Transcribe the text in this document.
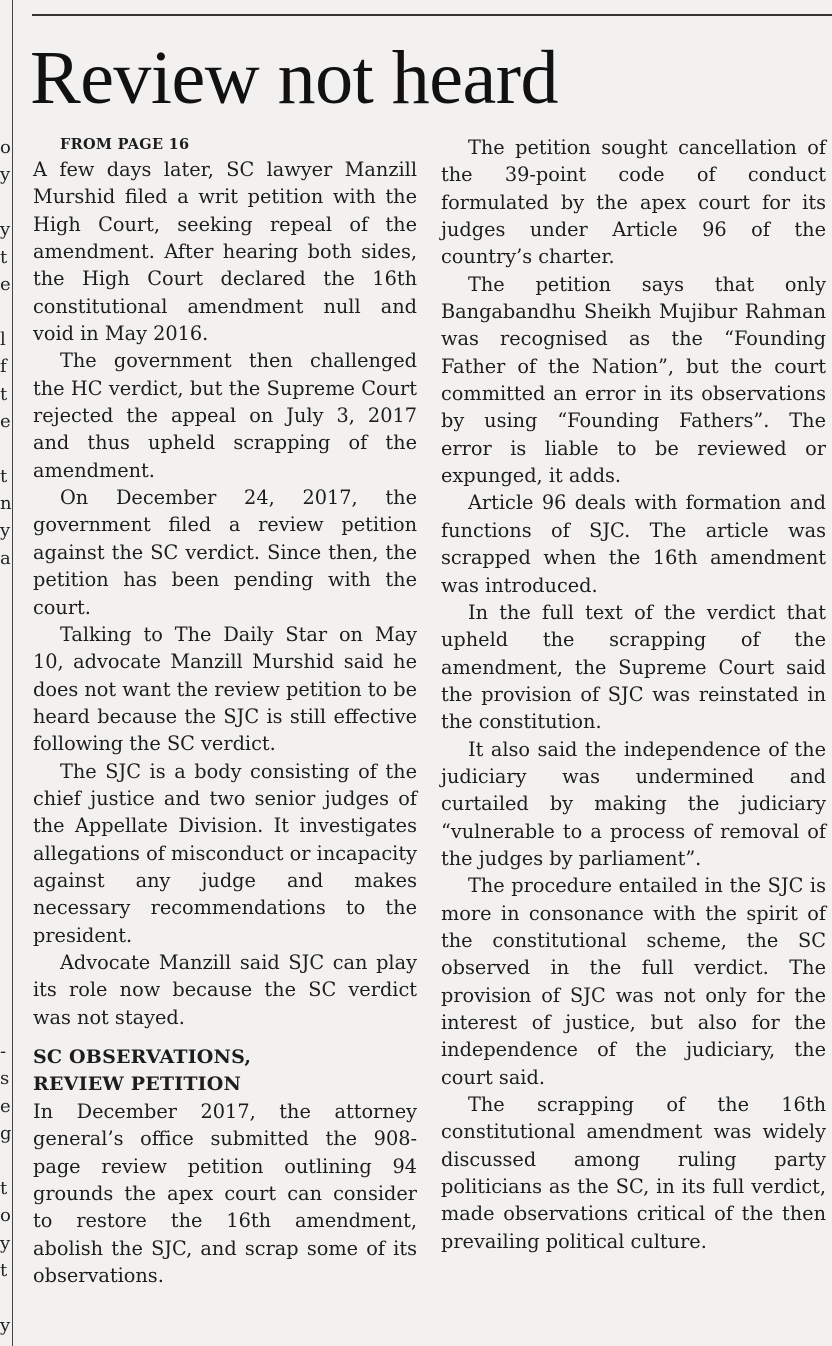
o
y
y
t
e
l
f
t
e
t
n
y
a
-
s
e
g
t
o
y
t
y
Review not heard

FROM PAGE 16

A few days later, SC lawyer Manzill Murshid filed a writ petition with the High Court, seeking repeal of the amendment. After hearing both sides, the High Court declared the 16th constitutional amendment null and void in May 2016.

The government then challenged the HC verdict, but the Supreme Court rejected the appeal on July 3, 2017 and thus upheld scrapping of the amendment.

On December 24, 2017, the government filed a review petition against the SC verdict. Since then, the petition has been pending with the court.

Talking to The Daily Star on May 10, advocate Manzill Murshid said he does not want the review petition to be heard because the SJC is still effective following the SC verdict.

The SJC is a body consisting of the chief justice and two senior judges of the Appellate Division. It investigates allegations of misconduct or incapacity against any judge and makes necessary recommendations to the president.

Advocate Manzill said SJC can play its role now because the SC verdict was not stayed.

SC OBSERVATIONS,
REVIEW PETITION

In December 2017, the attorney general’s office submitted the 908-page review petition outlining 94 grounds the apex court can consider to restore the 16th amendment, abolish the SJC, and scrap some of its observations.

The petition sought cancellation of the 39-point code of conduct formulated by the apex court for its judges under Article 96 of the country’s charter.

The petition says that only Bangabandhu Sheikh Mujibur Rahman was recognised as the “Founding Father of the Nation”, but the court committed an error in its observations by using “Founding Fathers”. The error is liable to be reviewed or expunged, it adds.

Article 96 deals with formation and functions of SJC. The article was scrapped when the 16th amendment was introduced.

In the full text of the verdict that upheld the scrapping of the amendment, the Supreme Court said the provision of SJC was reinstated in the constitution.

It also said the independence of the judiciary was undermined and curtailed by making the judiciary “vulnerable to a process of removal of the judges by parliament”.

The procedure entailed in the SJC is more in consonance with the spirit of the constitutional scheme, the SC observed in the full verdict. The provision of SJC was not only for the interest of justice, but also for the independence of the judiciary, the court said.

The scrapping of the 16th constitutional amendment was widely discussed among ruling party politicians as the SC, in its full verdict, made observations critical of the then prevailing political culture.
